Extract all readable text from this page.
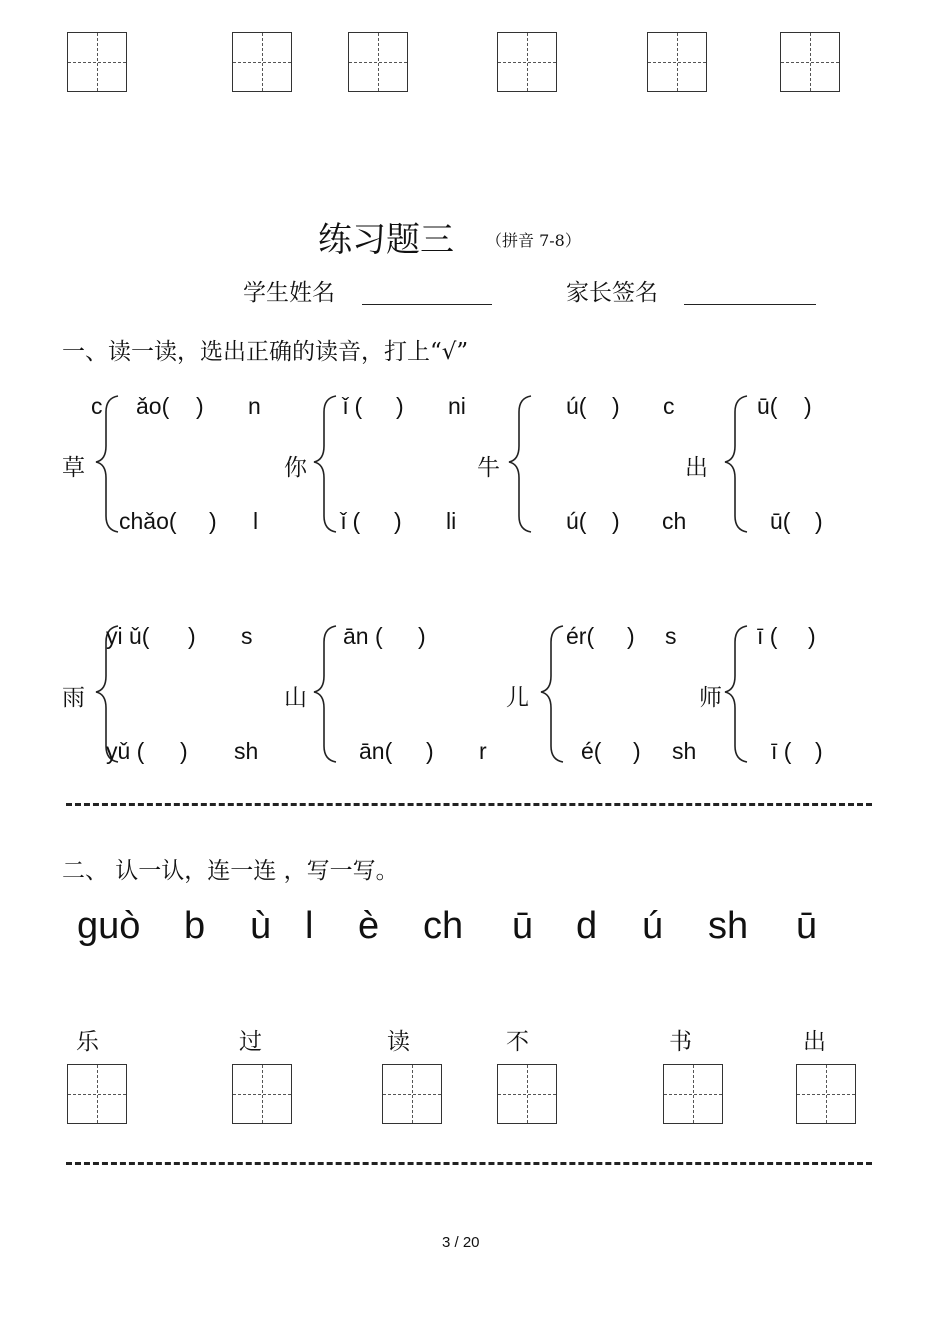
练习题三 （拼音 7-8）
学生姓名	家长签名
一、读一读，选出正确的读音，打上“√”
草
c ǎo( ) n
chǎo( ) l
你
ǐ ( ) ni
ǐ ( ) li
牛
ú( ) c
ú( ) ch
出
ū( )
ū( )
雨
yi ǔ( ) s
yǔ ( ) sh
山
ān ( )
ān( ) r
儿
ér( ) s
é( ) sh
师
ī ( )
ī ( )
二、 认一认，连一连 ，写一写。
guò b ù l è ch ū d ú sh ū
乐	过	读	不	书	出
3 / 20
